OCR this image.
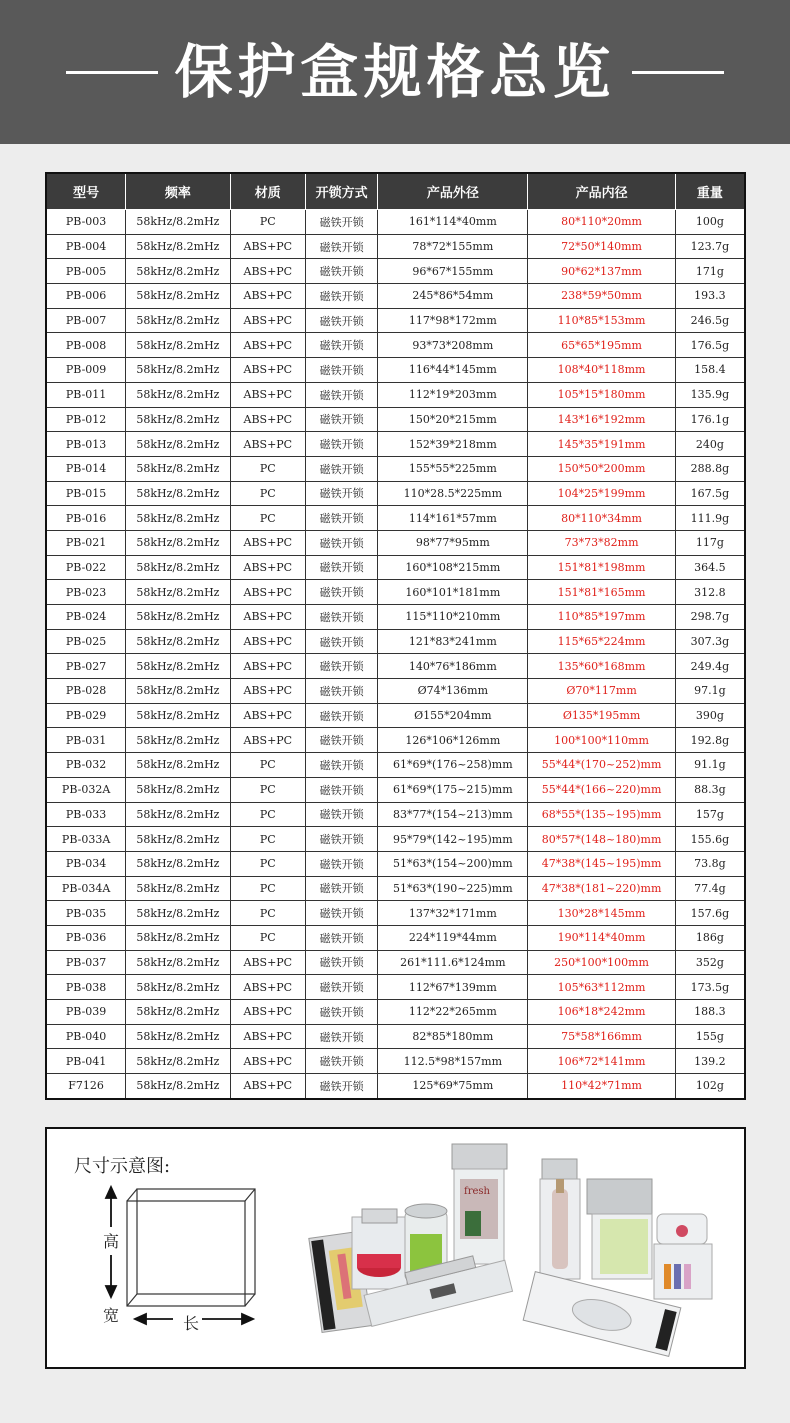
保护盒规格总览
型号	频率	材质	开锁方式	产品外径	产品内径	重量
PB-003	58kHz/8.2mHz	PC	磁铁开锁	161*114*40mm	80*110*20mm	100g
PB-004	58kHz/8.2mHz	ABS+PC	磁铁开锁	78*72*155mm	72*50*140mm	123.7g
PB-005	58kHz/8.2mHz	ABS+PC	磁铁开锁	96*67*155mm	90*62*137mm	171g
PB-006	58kHz/8.2mHz	ABS+PC	磁铁开锁	245*86*54mm	238*59*50mm	193.3
PB-007	58kHz/8.2mHz	ABS+PC	磁铁开锁	117*98*172mm	110*85*153mm	246.5g
PB-008	58kHz/8.2mHz	ABS+PC	磁铁开锁	93*73*208mm	65*65*195mm	176.5g
PB-009	58kHz/8.2mHz	ABS+PC	磁铁开锁	116*44*145mm	108*40*118mm	158.4
PB-011	58kHz/8.2mHz	ABS+PC	磁铁开锁	112*19*203mm	105*15*180mm	135.9g
PB-012	58kHz/8.2mHz	ABS+PC	磁铁开锁	150*20*215mm	143*16*192mm	176.1g
PB-013	58kHz/8.2mHz	ABS+PC	磁铁开锁	152*39*218mm	145*35*191mm	240g
PB-014	58kHz/8.2mHz	PC	磁铁开锁	155*55*225mm	150*50*200mm	288.8g
PB-015	58kHz/8.2mHz	PC	磁铁开锁	110*28.5*225mm	104*25*199mm	167.5g
PB-016	58kHz/8.2mHz	PC	磁铁开锁	114*161*57mm	80*110*34mm	111.9g
PB-021	58kHz/8.2mHz	ABS+PC	磁铁开锁	98*77*95mm	73*73*82mm	117g
PB-022	58kHz/8.2mHz	ABS+PC	磁铁开锁	160*108*215mm	151*81*198mm	364.5
PB-023	58kHz/8.2mHz	ABS+PC	磁铁开锁	160*101*181mm	151*81*165mm	312.8
PB-024	58kHz/8.2mHz	ABS+PC	磁铁开锁	115*110*210mm	110*85*197mm	298.7g
PB-025	58kHz/8.2mHz	ABS+PC	磁铁开锁	121*83*241mm	115*65*224mm	307.3g
PB-027	58kHz/8.2mHz	ABS+PC	磁铁开锁	140*76*186mm	135*60*168mm	249.4g
PB-028	58kHz/8.2mHz	ABS+PC	磁铁开锁	Ø74*136mm	Ø70*117mm	97.1g
PB-029	58kHz/8.2mHz	ABS+PC	磁铁开锁	Ø155*204mm	Ø135*195mm	390g
PB-031	58kHz/8.2mHz	ABS+PC	磁铁开锁	126*106*126mm	100*100*110mm	192.8g
PB-032	58kHz/8.2mHz	PC	磁铁开锁	61*69*(176~258)mm	55*44*(170~252)mm	91.1g
PB-032A	58kHz/8.2mHz	PC	磁铁开锁	61*69*(175~215)mm	55*44*(166~220)mm	88.3g
PB-033	58kHz/8.2mHz	PC	磁铁开锁	83*77*(154~213)mm	68*55*(135~195)mm	157g
PB-033A	58kHz/8.2mHz	PC	磁铁开锁	95*79*(142~195)mm	80*57*(148~180)mm	155.6g
PB-034	58kHz/8.2mHz	PC	磁铁开锁	51*63*(154~200)mm	47*38*(145~195)mm	73.8g
PB-034A	58kHz/8.2mHz	PC	磁铁开锁	51*63*(190~225)mm	47*38*(181~220)mm	77.4g
PB-035	58kHz/8.2mHz	PC	磁铁开锁	137*32*171mm	130*28*145mm	157.6g
PB-036	58kHz/8.2mHz	PC	磁铁开锁	224*119*44mm	190*114*40mm	186g
PB-037	58kHz/8.2mHz	ABS+PC	磁铁开锁	261*111.6*124mm	250*100*100mm	352g
PB-038	58kHz/8.2mHz	ABS+PC	磁铁开锁	112*67*139mm	105*63*112mm	173.5g
PB-039	58kHz/8.2mHz	ABS+PC	磁铁开锁	112*22*265mm	106*18*242mm	188.3
PB-040	58kHz/8.2mHz	ABS+PC	磁铁开锁	82*85*180mm	75*58*166mm	155g
PB-041	58kHz/8.2mHz	ABS+PC	磁铁开锁	112.5*98*157mm	106*72*141mm	139.2
F7126	58kHz/8.2mHz	ABS+PC	磁铁开锁	125*69*75mm	110*42*71mm	102g
尺寸示意图:
高
宽	长
fresh
